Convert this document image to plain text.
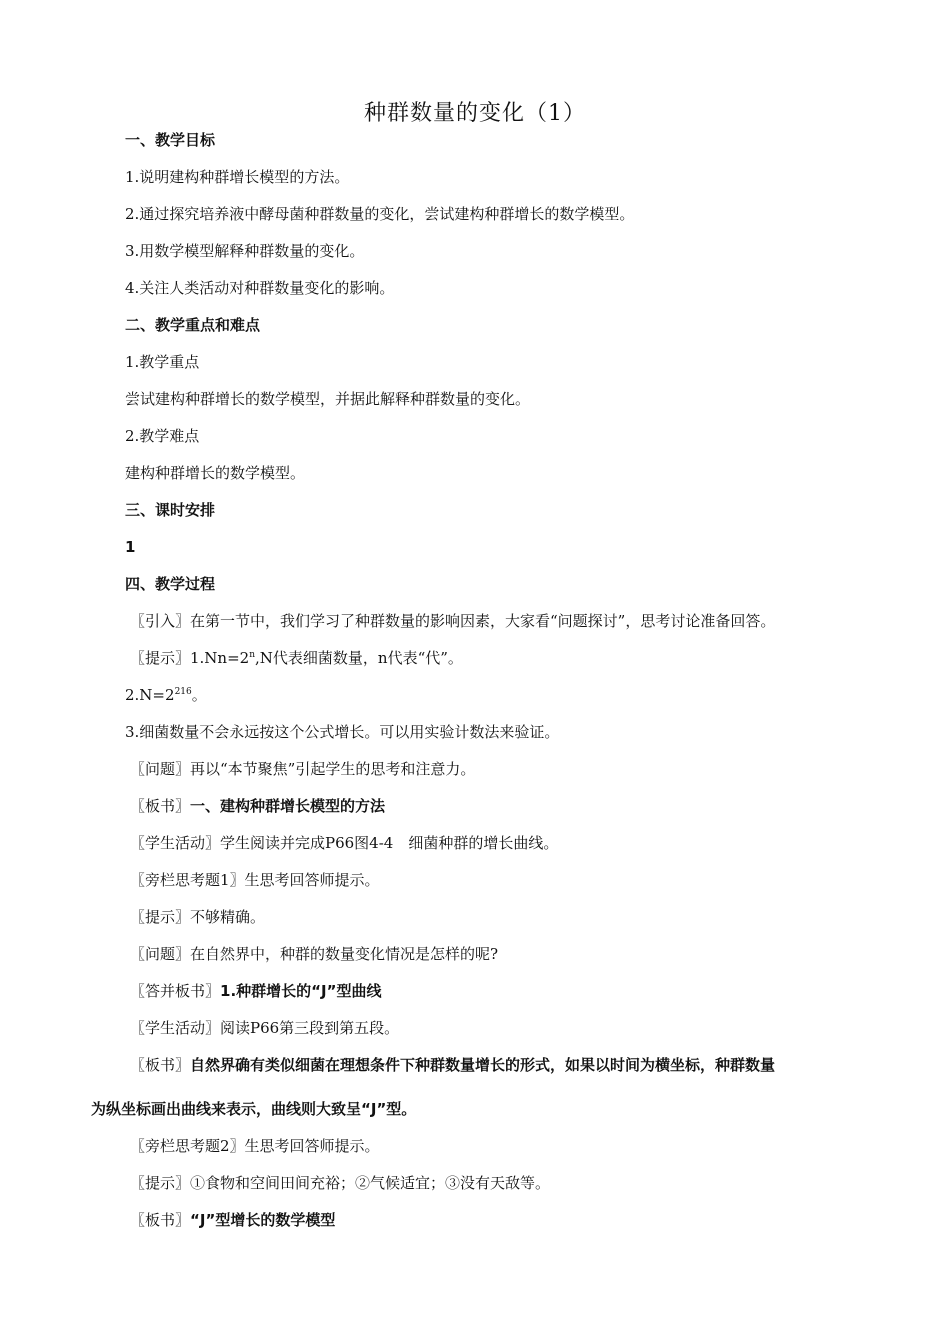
种群数量的变化（1）
一、教学目标
1.说明建构种群增长模型的方法。
2.通过探究培养液中酵母菌种群数量的变化，尝试建构种群增长的数学模型。
3.用数学模型解释种群数量的变化。
4.关注人类活动对种群数量变化的影响。
二、教学重点和难点
1.教学重点
尝试建构种群增长的数学模型，并据此解释种群数量的变化。
2.教学难点
建构种群增长的数学模型。
三、课时安排
1
四、教学过程
〖引入〗在第一节中，我们学习了种群数量的影响因素，大家看“问题探讨”，思考讨论准备回答。
〖提示〗$1.Nn=2^n,N$代表细菌数量，n代表“代”。
$2.N=2^{216}$。
3.细菌数量不会永远按这个公式增长。可以用实验计数法来验证。
〖问题〗再以“本节聚焦”引起学生的思考和注意力。
〖板书〗一、建构种群增长模型的方法
〖学生活动〗学生阅读并完成P66图4-4　细菌种群的增长曲线。
〖旁栏思考题1〗生思考回答师提示。
〖提示〗不够精确。
〖问题〗在自然界中，种群的数量变化情况是怎样的呢?
〖答并板书〗1.种群增长的“J”型曲线
〖学生活动〗阅读P66第三段到第五段。
〖板书〗自然界确有类似细菌在理想条件下种群数量增长的形式，如果以时间为横坐标，种群数量
为纵坐标画出曲线来表示，曲线则大致呈“J”型。
〖旁栏思考题2〗生思考回答师提示。
〖提示〗①食物和空间田间充裕；②气候适宜；③没有天敌等。
〖板书〗“J”型增长的数学模型
